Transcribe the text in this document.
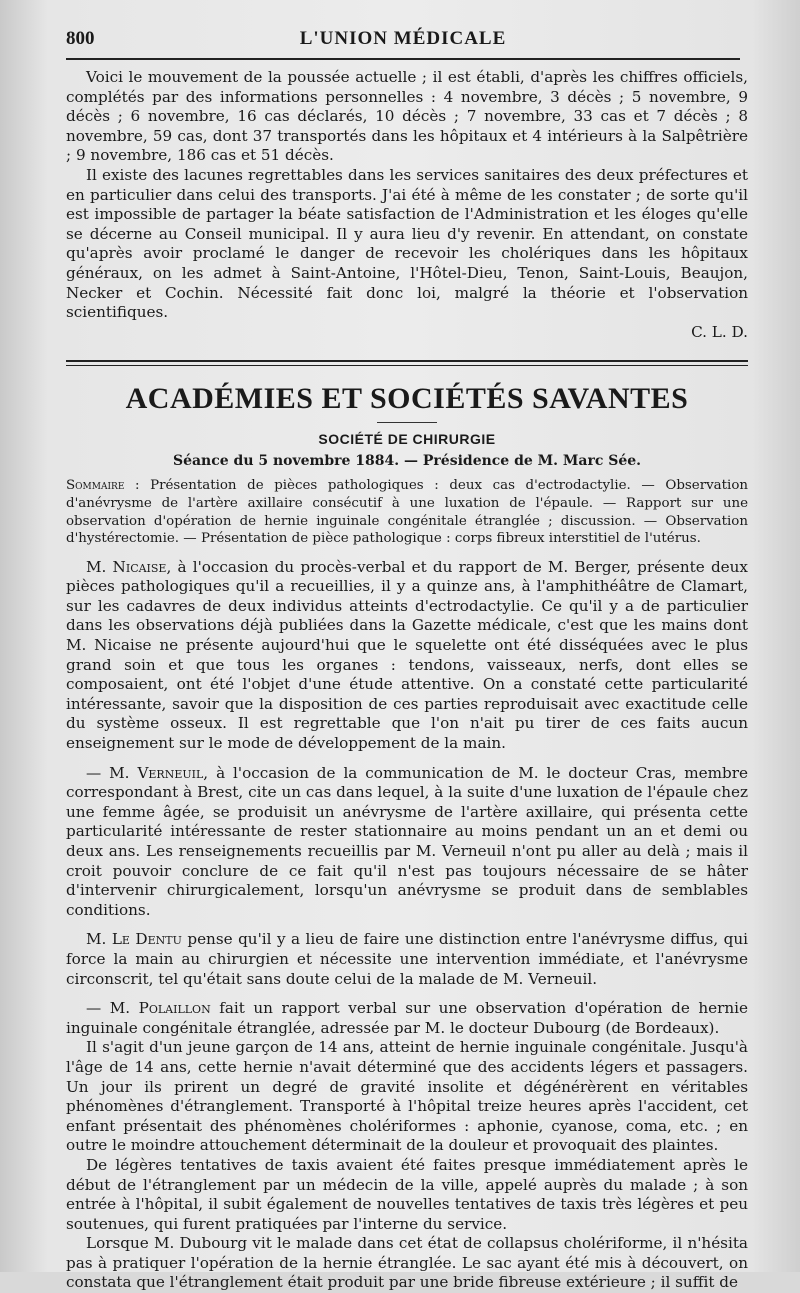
800	L'UNION MÉDICALE

Voici le mouvement de la poussée actuelle ; il est établi, d'après les chiffres officiels, complétés par des informations personnelles : 4 novembre, 3 décès ; 5 novembre, 9 décès ; 6 novembre, 16 cas déclarés, 10 décès ; 7 novembre, 33 cas et 7 décès ; 8 novembre, 59 cas, dont 37 transportés dans les hôpitaux et 4 intérieurs à la Salpêtrière ; 9 novembre, 186 cas et 51 décès.

Il existe des lacunes regrettables dans les services sanitaires des deux préfectures et en particulier dans celui des transports. J'ai été à même de les constater ; de sorte qu'il est impossible de partager la béate satisfaction de l'Administration et les éloges qu'elle se décerne au Conseil municipal. Il y aura lieu d'y revenir. En attendant, on constate qu'après avoir proclamé le danger de recevoir les cholériques dans les hôpitaux généraux, on les admet à Saint-Antoine, l'Hôtel-Dieu, Tenon, Saint-Louis, Beaujon, Necker et Cochin. Nécessité fait donc loi, malgré la théorie et l'observation scientifiques.

C. L. D.
ACADÉMIES ET SOCIÉTÉS SAVANTES
SOCIÉTÉ DE CHIRURGIE
Séance du 5 novembre 1884. — Présidence de M. Marc Sée.

Sommaire : Présentation de pièces pathologiques : deux cas d'ectrodactylie. — Observation d'anévrysme de l'artère axillaire consécutif à une luxation de l'épaule. — Rapport sur une observation d'opération de hernie inguinale congénitale étranglée ; discussion. — Observation d'hystérectomie. — Présentation de pièce pathologique : corps fibreux interstitiel de l'utérus.

M. Nicaise, à l'occasion du procès-verbal et du rapport de M. Berger, présente deux pièces pathologiques qu'il a recueillies, il y a quinze ans, à l'amphithéâtre de Clamart, sur les cadavres de deux individus atteints d'ectrodactylie. Ce qu'il y a de particulier dans les observations déjà publiées dans la Gazette médicale, c'est que les mains dont M. Nicaise ne présente aujourd'hui que le squelette ont été disséquées avec le plus grand soin et que tous les organes : tendons, vaisseaux, nerfs, dont elles se composaient, ont été l'objet d'une étude attentive. On a constaté cette particularité intéressante, savoir que la disposition de ces parties reproduisait avec exactitude celle du système osseux. Il est regrettable que l'on n'ait pu tirer de ces faits aucun enseignement sur le mode de développement de la main.

— M. Verneuil, à l'occasion de la communication de M. le docteur Cras, membre correspondant à Brest, cite un cas dans lequel, à la suite d'une luxation de l'épaule chez une femme âgée, se produisit un anévrysme de l'artère axillaire, qui présenta cette particularité intéressante de rester stationnaire au moins pendant un an et demi ou deux ans. Les renseignements recueillis par M. Verneuil n'ont pu aller au delà ; mais il croit pouvoir conclure de ce fait qu'il n'est pas toujours nécessaire de se hâter d'intervenir chirurgicalement, lorsqu'un anévrysme se produit dans de semblables conditions.

M. Le Dentu pense qu'il y a lieu de faire une distinction entre l'anévrysme diffus, qui force la main au chirurgien et nécessite une intervention immédiate, et l'anévrysme circonscrit, tel qu'était sans doute celui de la malade de M. Verneuil.

— M. Polaillon fait un rapport verbal sur une observation d'opération de hernie inguinale congénitale étranglée, adressée par M. le docteur Dubourg (de Bordeaux).

Il s'agit d'un jeune garçon de 14 ans, atteint de hernie inguinale congénitale. Jusqu'à l'âge de 14 ans, cette hernie n'avait déterminé que des accidents légers et passagers. Un jour ils prirent un degré de gravité insolite et dégénérèrent en véritables phénomènes d'étranglement. Transporté à l'hôpital treize heures après l'accident, cet enfant présentait des phénomènes cholériformes : aphonie, cyanose, coma, etc. ; en outre le moindre attouchement déterminait de la douleur et provoquait des plaintes.

De légères tentatives de taxis avaient été faites presque immédiatement après le début de l'étranglement par un médecin de la ville, appelé auprès du malade ; à son entrée à l'hôpital, il subit également de nouvelles tentatives de taxis très légères et peu soutenues, qui furent pratiquées par l'interne du service.

Lorsque M. Dubourg vit le malade dans cet état de collapsus cholériforme, il n'hésita pas à pratiquer l'opération de la hernie étranglée. Le sac ayant été mis à découvert, on constata que l'étranglement était produit par une bride fibreuse extérieure ; il suffit de
